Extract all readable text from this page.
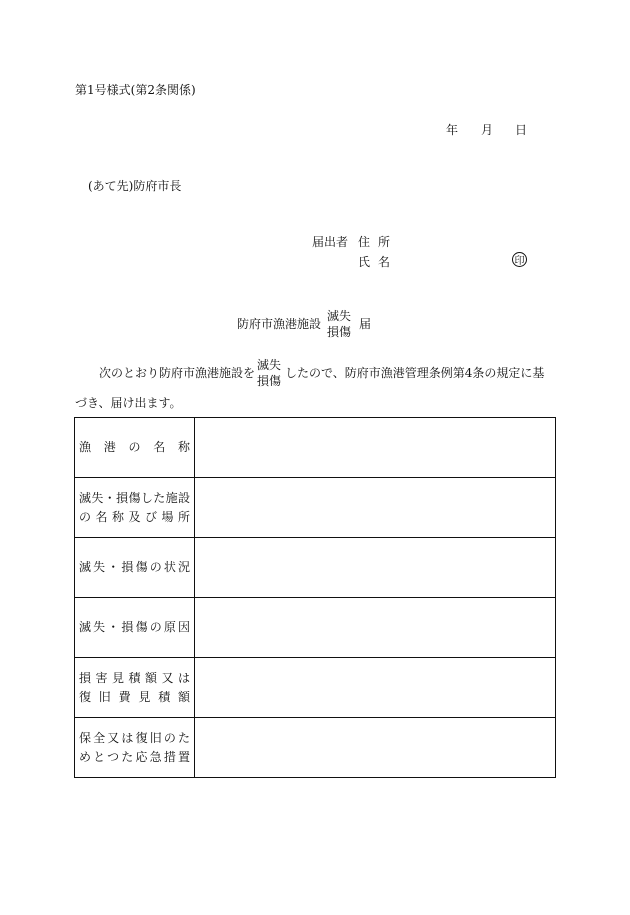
第1号様式(第2条関係)
年 月 日
(あて先)防府市長
届出者 住所
氏名	印
防府市漁港施設
滅失
損傷
届
次のとおり防府市漁港施設を
滅失
損傷
したので、防府市漁港管理条例第4条の規定に基
づき、届け出ます。
漁港の名称	

滅失・損傷した施設
の名称及び場所	

滅失・損傷の状況	

滅失・損傷の原因	

損害見積額又は
復旧費見積額	

保全又は復旧のた
めとつた応急措置	
